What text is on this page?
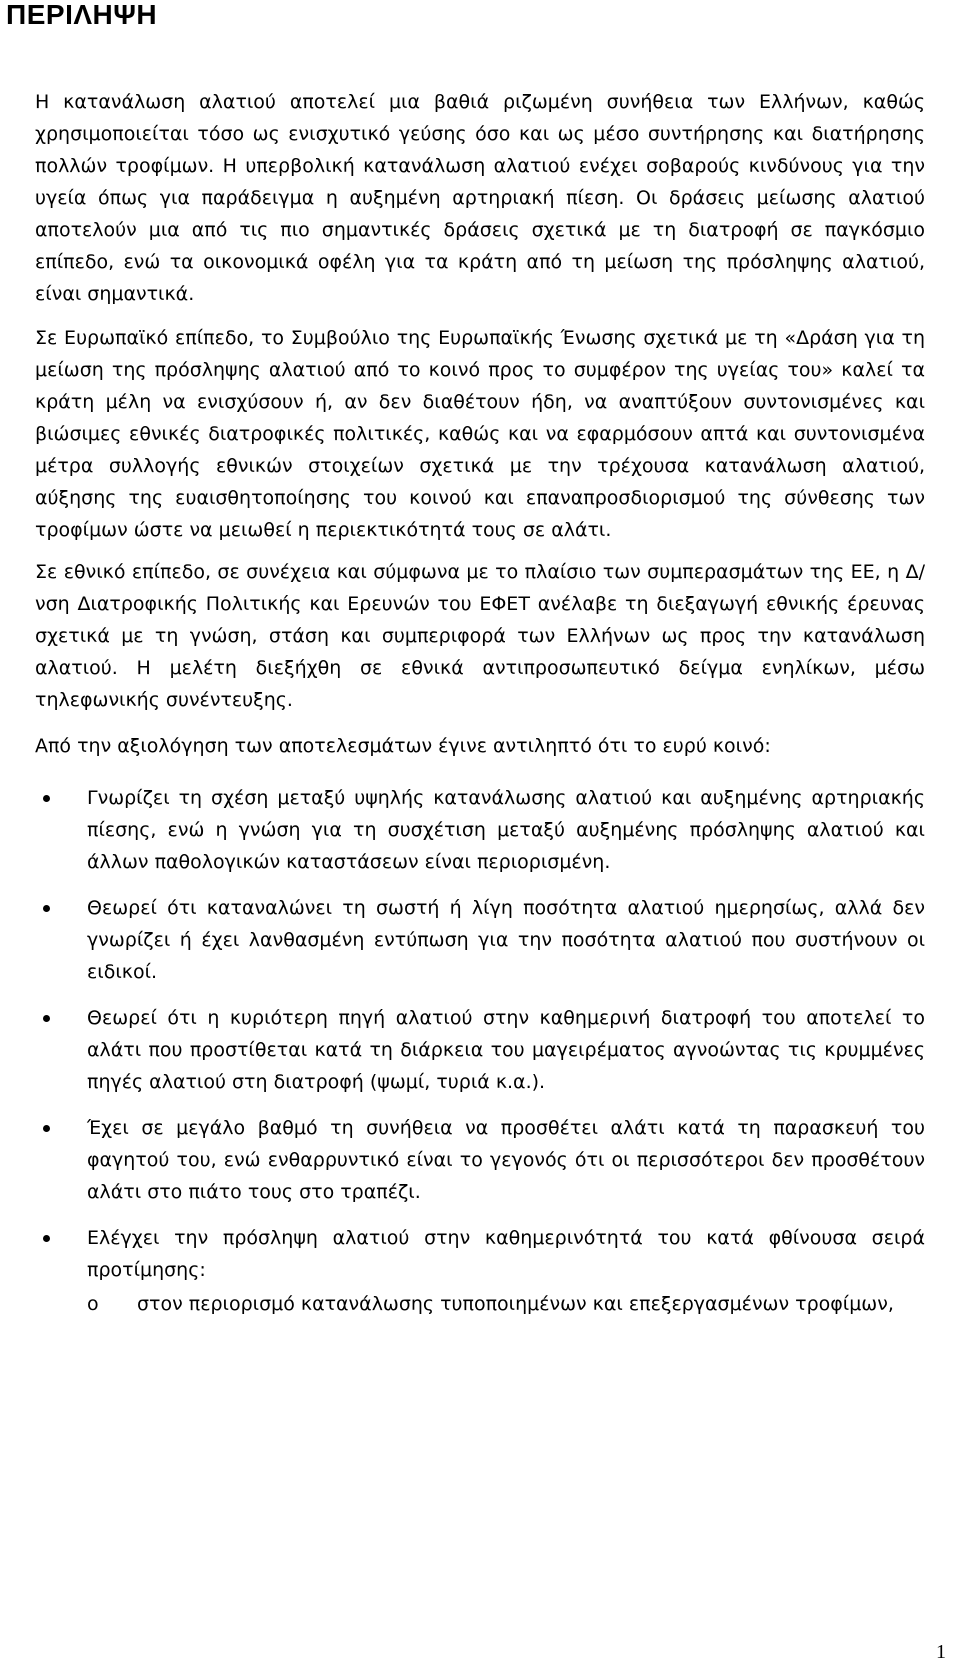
ΠΕΡΙΛΗΨΗ

Η κατανάλωση αλατιού αποτελεί μια βαθιά ριζωμένη συνήθεια των Ελλήνων, καθώς χρησιμοποιείται τόσο ως ενισχυτικό γεύσης όσο και ως μέσο συντήρησης και διατήρησης πολλών τροφίμων. Η υπερβολική κατανάλωση αλατιού ενέχει σοβαρούς κινδύνους για την υγεία όπως για παράδειγμα η αυξημένη αρτηριακή πίεση. Οι δράσεις μείωσης αλατιού αποτελούν μια από τις πιο σημαντικές δράσεις σχετικά με τη διατροφή σε παγκόσμιο επίπεδο, ενώ τα οικονομικά οφέλη για τα κράτη από τη μείωση της πρόσληψης αλατιού, είναι σημαντικά.

Σε Ευρωπαϊκό επίπεδο, το Συμβούλιο της Ευρωπαϊκής Ένωσης σχετικά με τη «Δράση για τη μείωση της πρόσληψης αλατιού από το κοινό προς το συμφέρον της υγείας του» καλεί τα κράτη μέλη να ενισχύσουν ή, αν δεν διαθέτουν ήδη, να αναπτύξουν συντονισμένες και βιώσιμες εθνικές διατροφικές πολιτικές, καθώς και να εφαρμόσουν απτά και συντονισμένα μέτρα συλλογής εθνικών στοιχείων σχετικά με την τρέχουσα κατανάλωση αλατιού, αύξησης της ευαισθητοποίησης του κοινού και επαναπροσδιορισμού της σύνθεσης των τροφίμων ώστε να μειωθεί η περιεκτικότητά τους σε αλάτι.

Σε εθνικό επίπεδο, σε συνέχεια και σύμφωνα με το πλαίσιο των συμπερασμάτων της ΕΕ, η Δ/νση Διατροφικής Πολιτικής και Ερευνών του ΕΦΕΤ ανέλαβε τη διεξαγωγή εθνικής έρευνας σχετικά με τη γνώση, στάση και συμπεριφορά των Ελλήνων ως προς την κατανάλωση αλατιού. Η μελέτη διεξήχθη σε εθνικά αντιπροσωπευτικό δείγμα ενηλίκων, μέσω τηλεφωνικής συνέντευξης.

Από την αξιολόγηση των αποτελεσμάτων έγινε αντιληπτό ότι το ευρύ κοινό:

Γνωρίζει τη σχέση μεταξύ υψηλής κατανάλωσης αλατιού και αυξημένης αρτηριακής πίεσης, ενώ η γνώση για τη συσχέτιση μεταξύ αυξημένης πρόσληψης αλατιού και άλλων παθολογικών καταστάσεων είναι περιορισμένη.
Θεωρεί ότι καταναλώνει τη σωστή ή λίγη ποσότητα αλατιού ημερησίως, αλλά δεν γνωρίζει ή έχει λανθασμένη εντύπωση για την ποσότητα αλατιού που συστήνουν οι ειδικοί.
Θεωρεί ότι η κυριότερη πηγή αλατιού στην καθημερινή διατροφή του αποτελεί το αλάτι που προστίθεται κατά τη διάρκεια του μαγειρέματος αγνοώντας τις κρυμμένες πηγές αλατιού στη διατροφή (ψωμί, τυριά κ.α.).
Έχει σε μεγάλο βαθμό τη συνήθεια να προσθέτει αλάτι κατά τη παρασκευή του φαγητού του, ενώ ενθαρρυντικό είναι το γεγονός ότι οι περισσότεροι δεν προσθέτουν αλάτι στο πιάτο τους στο τραπέζι.
Ελέγχει την πρόσληψη αλατιού στην καθημερινότητά του κατά φθίνουσα σειρά προτίμησης:
o στον περιορισμό κατανάλωσης τυποποιημένων και επεξεργασμένων τροφίμων,
1
